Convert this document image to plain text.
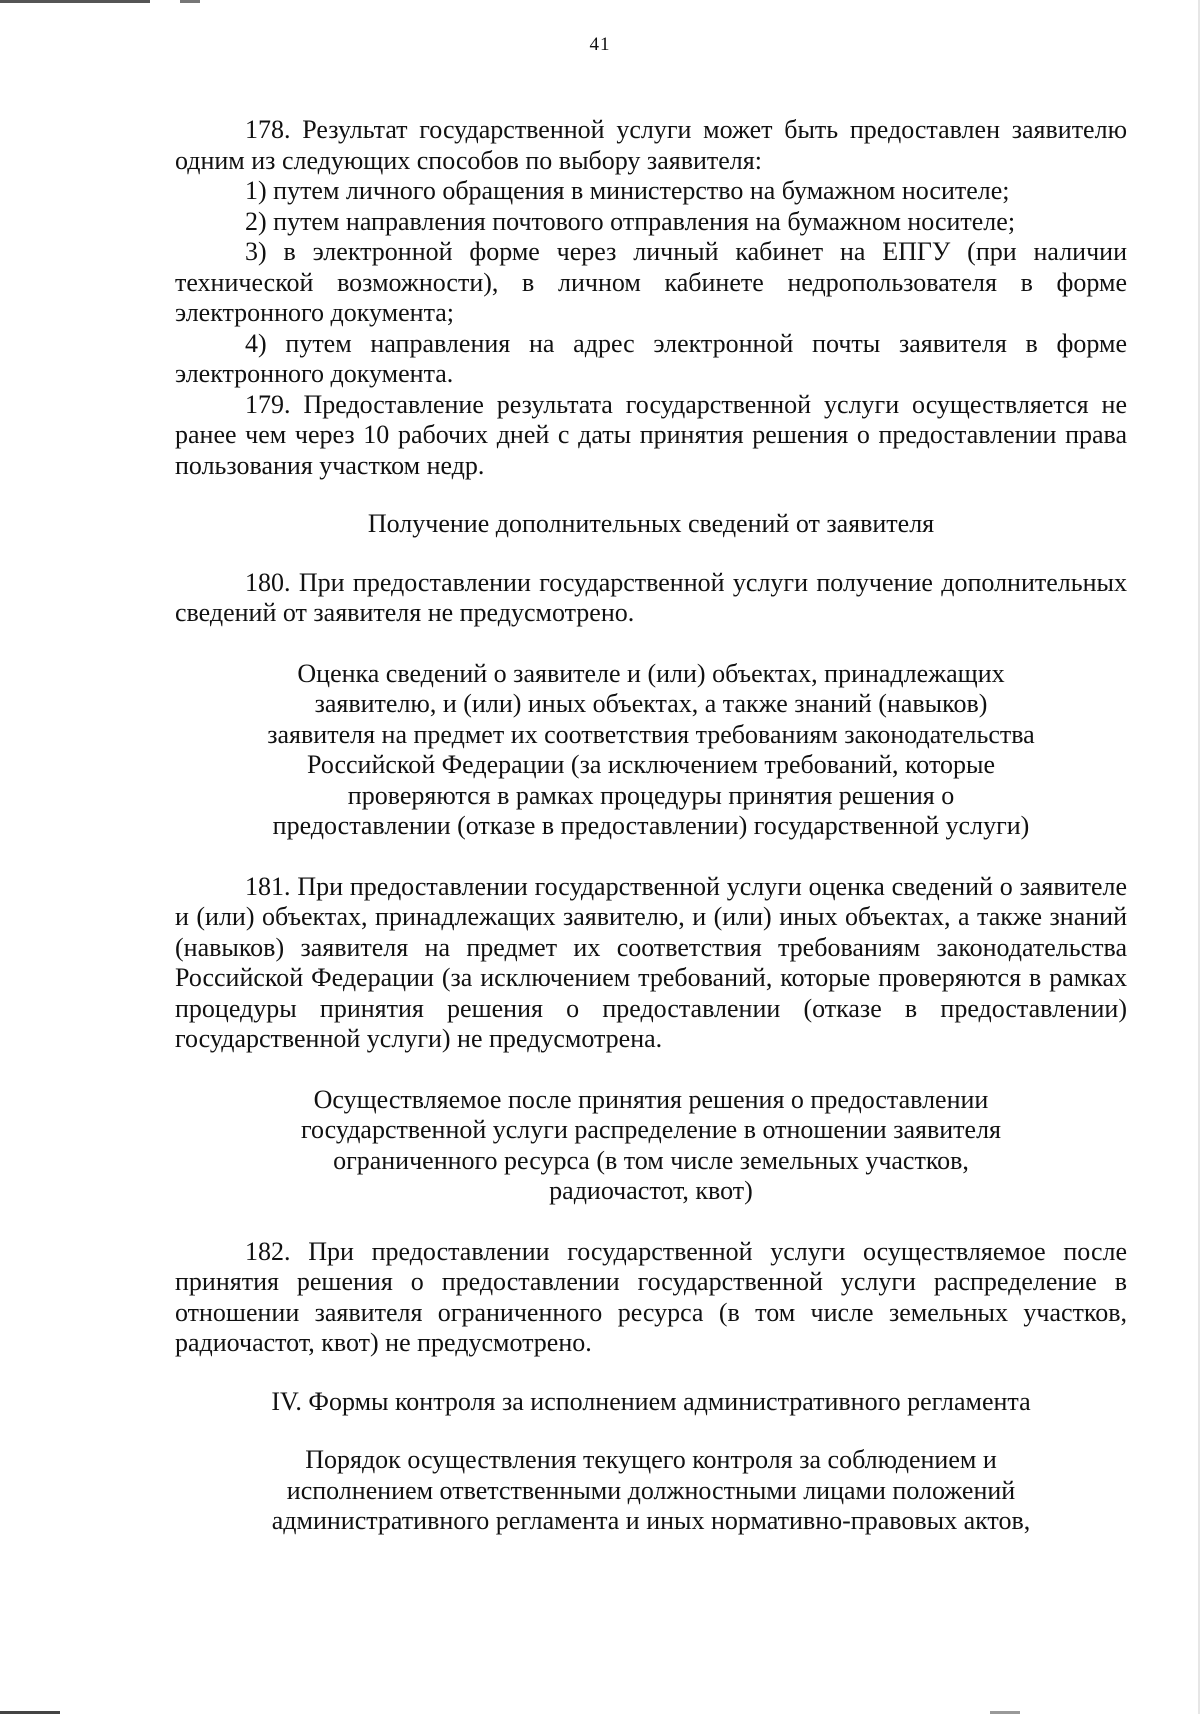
41

178. Результат государственной услуги может быть предоставлен заявителю одним из следующих способов по выбору заявителя:

1) путем личного обращения в министерство на бумажном носителе;

2) путем направления почтового отправления на бумажном носителе;

3) в электронной форме через личный кабинет на ЕПГУ (при наличии технической возможности), в личном кабинете недропользователя в форме электронного документа;

4) путем направления на адрес электронной почты заявителя в форме электронного документа.

179. Предоставление результата государственной услуги осуществляется не ранее чем через 10 рабочих дней с даты принятия решения о предоставлении права пользования участком недр.

Получение дополнительных сведений от заявителя

180. При предоставлении государственной услуги получение дополнительных сведений от заявителя не предусмотрено.

Оценка сведений о заявителе и (или) объектах, принадлежащих заявителю, и (или) иных объектах, а также знаний (навыков) заявителя на предмет их соответствия требованиям законодательства Российской Федерации (за исключением требований, которые проверяются в рамках процедуры принятия решения о предоставлении (отказе в предоставлении) государственной услуги)

181. При предоставлении государственной услуги оценка сведений о заявителе и (или) объектах, принадлежащих заявителю, и (или) иных объектах, а также знаний (навыков) заявителя на предмет их соответствия требованиям законодательства Российской Федерации (за исключением требований, которые проверяются в рамках процедуры принятия решения о предоставлении (отказе в предоставлении) государственной услуги) не предусмотрена.

Осуществляемое после принятия решения о предоставлении государственной услуги распределение в отношении заявителя ограниченного ресурса (в том числе земельных участков, радиочастот, квот)

182. При предоставлении государственной услуги осуществляемое после принятия решения о предоставлении государственной услуги распределение в отношении заявителя ограниченного ресурса (в том числе земельных участков, радиочастот, квот) не предусмотрено.

IV. Формы контроля за исполнением административного регламента

Порядок осуществления текущего контроля за соблюдением и исполнением ответственными должностными лицами положений административного регламента и иных нормативно-правовых актов,
